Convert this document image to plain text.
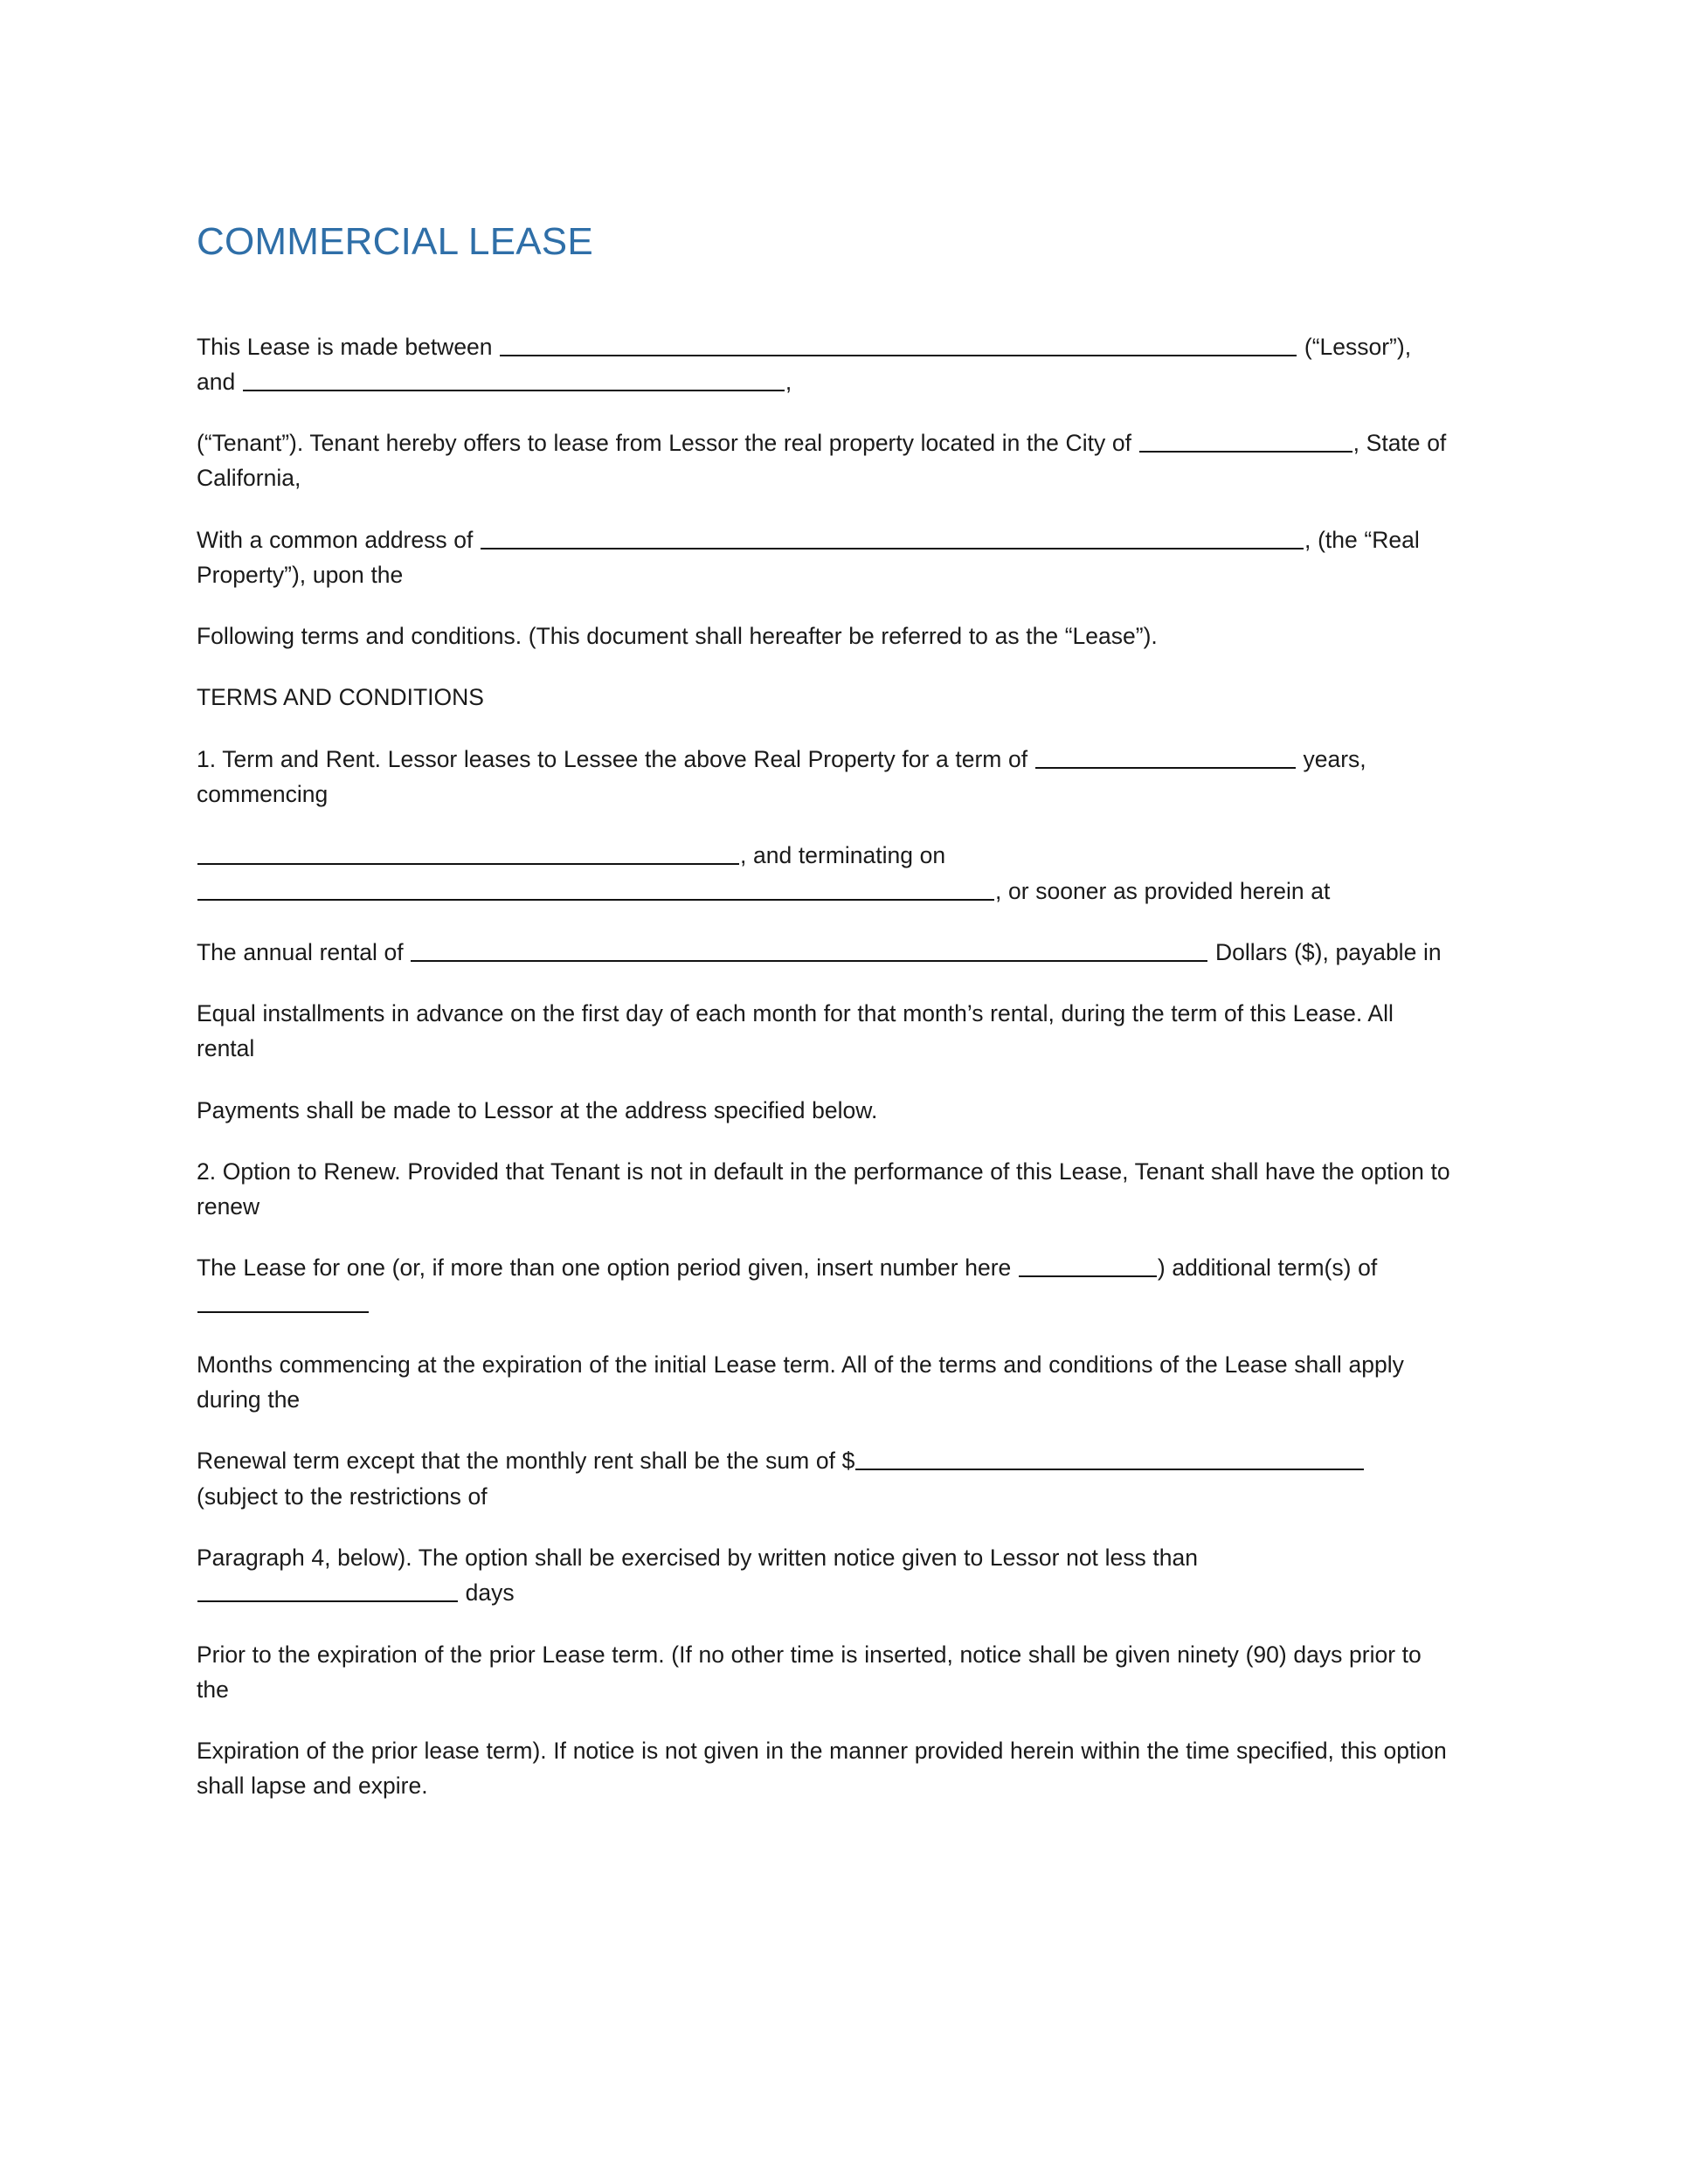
COMMERCIAL LEASE

This Lease is made between	(“Lessor”), and	,

(“Tenant”). Tenant hereby offers to lease from Lessor the real property located in the City of	, State of California,

With a common address of	, (the “Real Property”), upon the

Following terms and conditions. (This document shall hereafter be referred to as the “Lease”).

TERMS AND CONDITIONS

1. Term and Rent. Lessor leases to Lessee the above Real Property for a term of	years, commencing

, and terminating on , or sooner as provided herein at

The annual rental of	Dollars ($), payable in

Equal installments in advance on the first day of each month for that month’s rental, during the term of this Lease. All rental

Payments shall be made to Lessor at the address specified below.

2. Option to Renew. Provided that Tenant is not in default in the performance of this Lease, Tenant shall have the option to renew

The Lease for one (or, if more than one option period given, insert number here	) additional term(s) of

Months commencing at the expiration of the initial Lease term. All of the terms and conditions of the Lease shall apply during the

Renewal term except that the monthly rent shall be the sum of $ (subject to the restrictions of

Paragraph 4, below). The option shall be exercised by written notice given to Lessor not less than  days

Prior to the expiration of the prior Lease term. (If no other time is inserted, notice shall be given ninety (90) days prior to the

Expiration of the prior lease term). If notice is not given in the manner provided herein within the time specified, this option shall lapse and expire.
